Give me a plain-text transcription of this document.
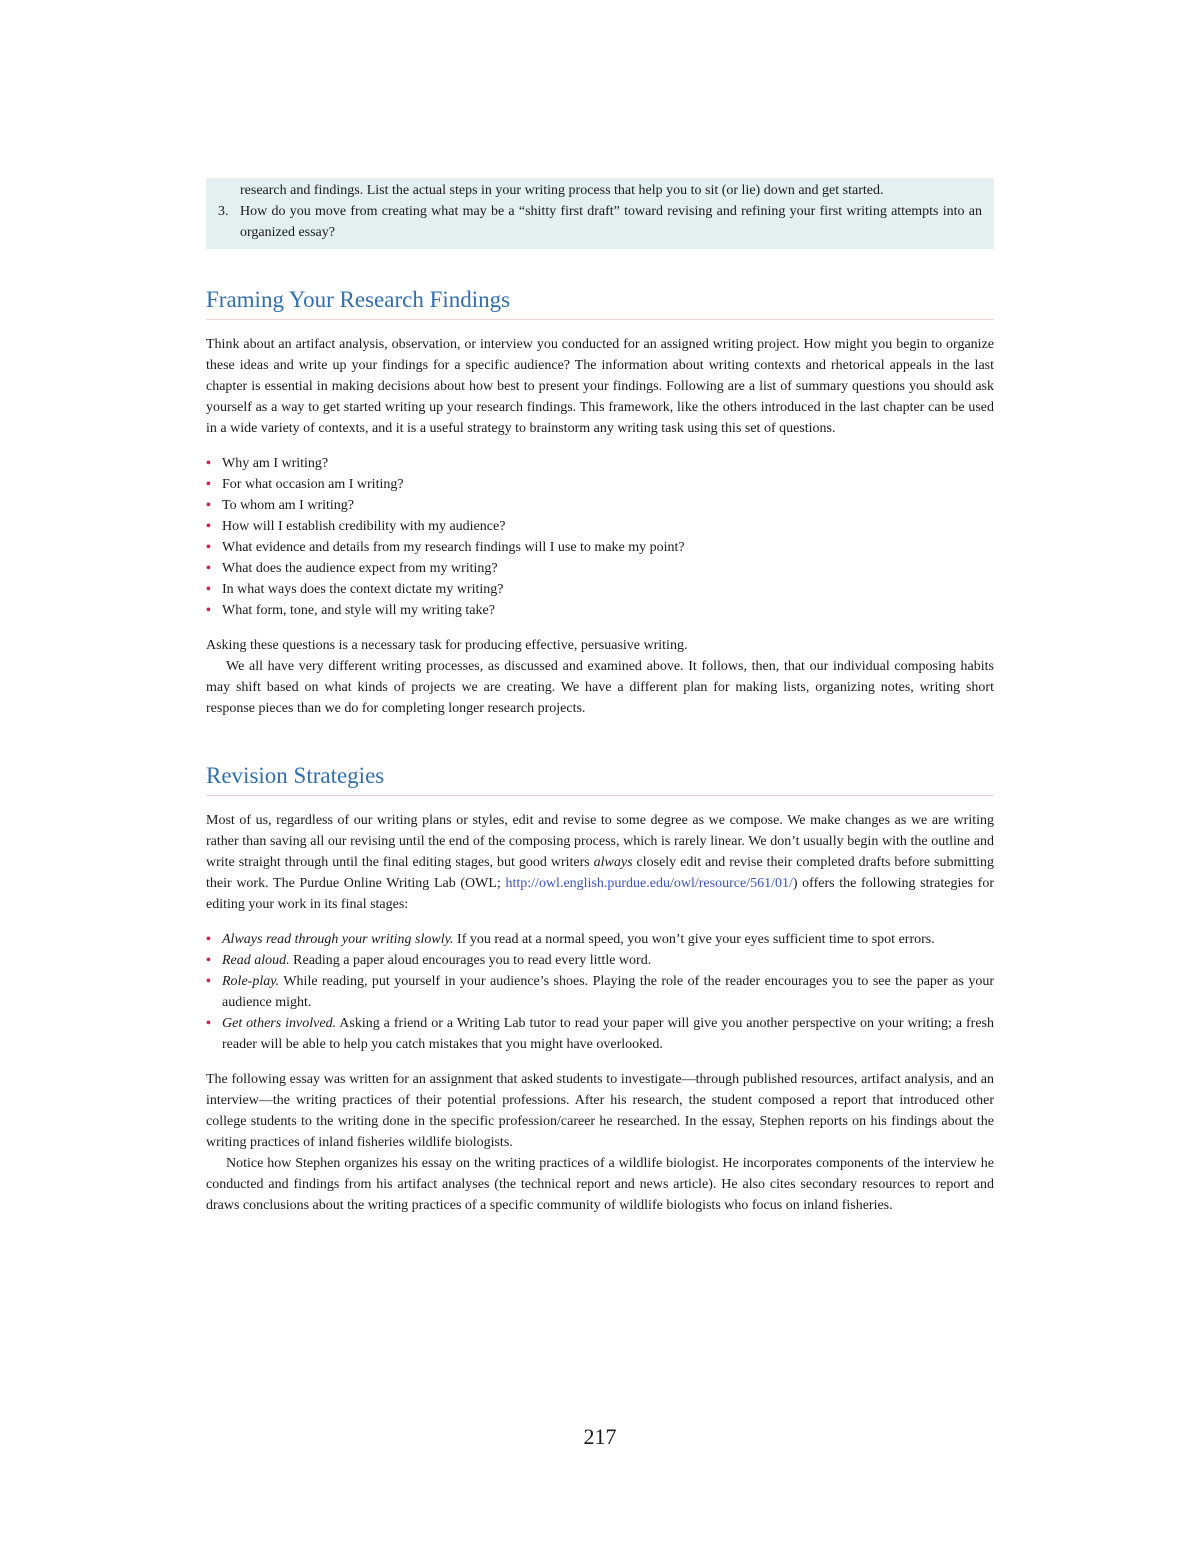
research and findings. List the actual steps in your writing process that help you to sit (or lie) down and get started.

3. How do you move from creating what may be a “shitty first draft” toward revising and refining your first writing attempts into an organized essay?
Framing Your Research Findings

Think about an artifact analysis, observation, or interview you conducted for an assigned writing project. How might you begin to organize these ideas and write up your findings for a specific audience? The information about writing contexts and rhetorical appeals in the last chapter is essential in making decisions about how best to present your findings. Following are a list of summary questions you should ask yourself as a way to get started writing up your research findings. This framework, like the others introduced in the last chapter can be used in a wide variety of contexts, and it is a useful strategy to brainstorm any writing task using this set of questions.

• Why am I writing?
• For what occasion am I writing?
• To whom am I writing?
• How will I establish credibility with my audience?
• What evidence and details from my research findings will I use to make my point?
• What does the audience expect from my writing?
• In what ways does the context dictate my writing?
• What form, tone, and style will my writing take?

Asking these questions is a necessary task for producing effective, persuasive writing.

We all have very different writing processes, as discussed and examined above. It follows, then, that our individual composing habits may shift based on what kinds of projects we are creating. We have a different plan for making lists, organizing notes, writing short response pieces than we do for completing longer research projects.

Revision Strategies

Most of us, regardless of our writing plans or styles, edit and revise to some degree as we compose. We make changes as we are writing rather than saving all our revising until the end of the composing process, which is rarely linear. We don’t usually begin with the outline and write straight through until the final editing stages, but good writers always closely edit and revise their completed drafts before submitting their work. The Purdue Online Writing Lab (OWL; http://owl.english.purdue.edu/owl/resource/561/01/) offers the following strategies for editing your work in its final stages:

• Always read through your writing slowly. If you read at a normal speed, you won’t give your eyes sufficient time to spot errors.
• Read aloud. Reading a paper aloud encourages you to read every little word.
• Role-play. While reading, put yourself in your audience’s shoes. Playing the role of the reader encourages you to see the paper as your audience might.
• Get others involved. Asking a friend or a Writing Lab tutor to read your paper will give you another perspective on your writing; a fresh reader will be able to help you catch mistakes that you might have overlooked.

The following essay was written for an assignment that asked students to investigate—through published resources, artifact analysis, and an interview—the writing practices of their potential professions. After his research, the student composed a report that introduced other college students to the writing done in the specific profession/career he researched. In the essay, Stephen reports on his findings about the writing practices of inland fisheries wildlife biologists.

Notice how Stephen organizes his essay on the writing practices of a wildlife biologist. He incorporates components of the interview he conducted and findings from his artifact analyses (the technical report and news article). He also cites secondary resources to report and draws conclusions about the writing practices of a specific community of wildlife biologists who focus on inland fisheries.

217
